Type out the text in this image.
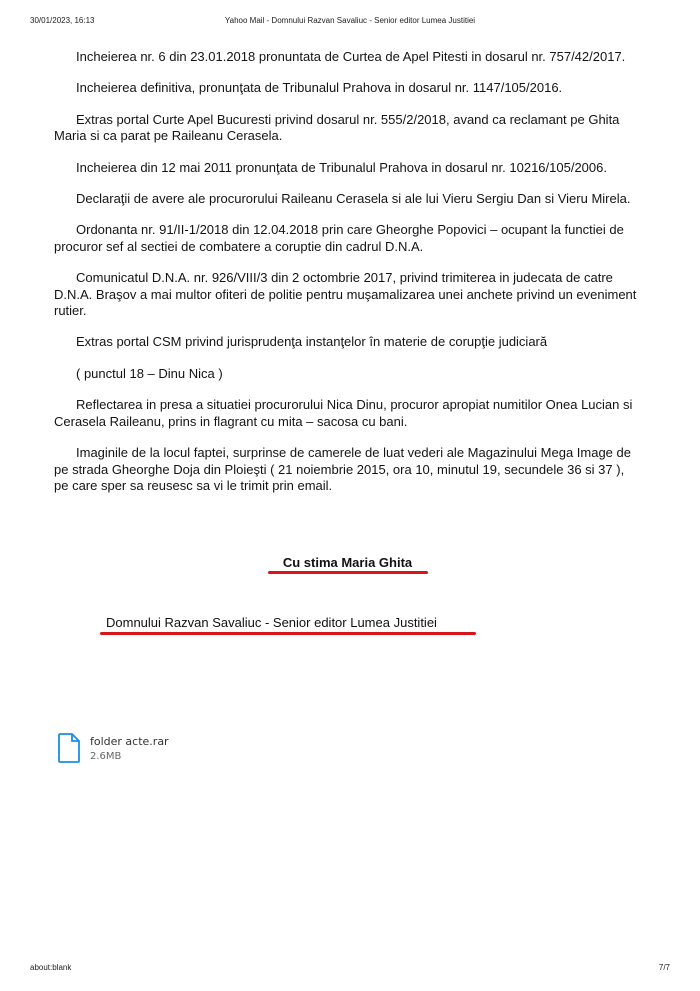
30/01/2023, 16:13	Yahoo Mail - Domnului Razvan Savaliuc - Senior editor Lumea Justitiei

Incheierea nr. 6 din 23.01.2018 pronuntata de Curtea de Apel Pitesti in dosarul nr. 757/42/2017.

Incheierea definitiva, pronunţata de Tribunalul Prahova in dosarul nr. 1147/105/2016.

Extras portal Curte Apel Bucuresti privind dosarul nr. 555/2/2018, avand ca reclamant pe Ghita Maria si ca parat pe Raileanu Cerasela.

Incheierea din 12 mai 2011 pronunţata de Tribunalul Prahova in dosarul nr. 10216/105/2006.

Declaraţii de avere ale procurorului Raileanu Cerasela si ale lui Vieru Sergiu Dan si Vieru Mirela.

Ordonanta nr. 91/II-1/2018 din 12.04.2018 prin care Gheorghe Popovici – ocupant la functiei de procuror sef al sectiei de combatere a coruptie din cadrul D.N.A.

Comunicatul D.N.A. nr. 926/VIII/3 din 2 octombrie 2017, privind trimiterea in judecata de catre D.N.A. Braşov a mai multor ofiteri de politie pentru muşamalizarea unei anchete privind un eveniment rutier.

Extras portal CSM privind jurisprudenţa instanţelor în materie de corupţie judiciară

( punctul 18 – Dinu Nica )

Reflectarea in presa a situatiei procurorului Nica Dinu, procuror apropiat numitilor Onea Lucian si Cerasela Raileanu, prins in flagrant cu mita – sacosa cu bani.

Imaginile de la locul faptei, surprinse de camerele de luat vederi ale Magazinului Mega Image de pe strada Gheorghe Doja din Ploieşti ( 21 noiembrie 2015, ora 10, minutul 19, secundele 36 si 37 ), pe care sper sa reusesc sa vi le trimit prin email.

Cu stima Maria Ghita
Domnului Razvan Savaliuc - Senior editor Lumea Justitiei
folder acte.rar
2.6MB
about:blank	7/7
